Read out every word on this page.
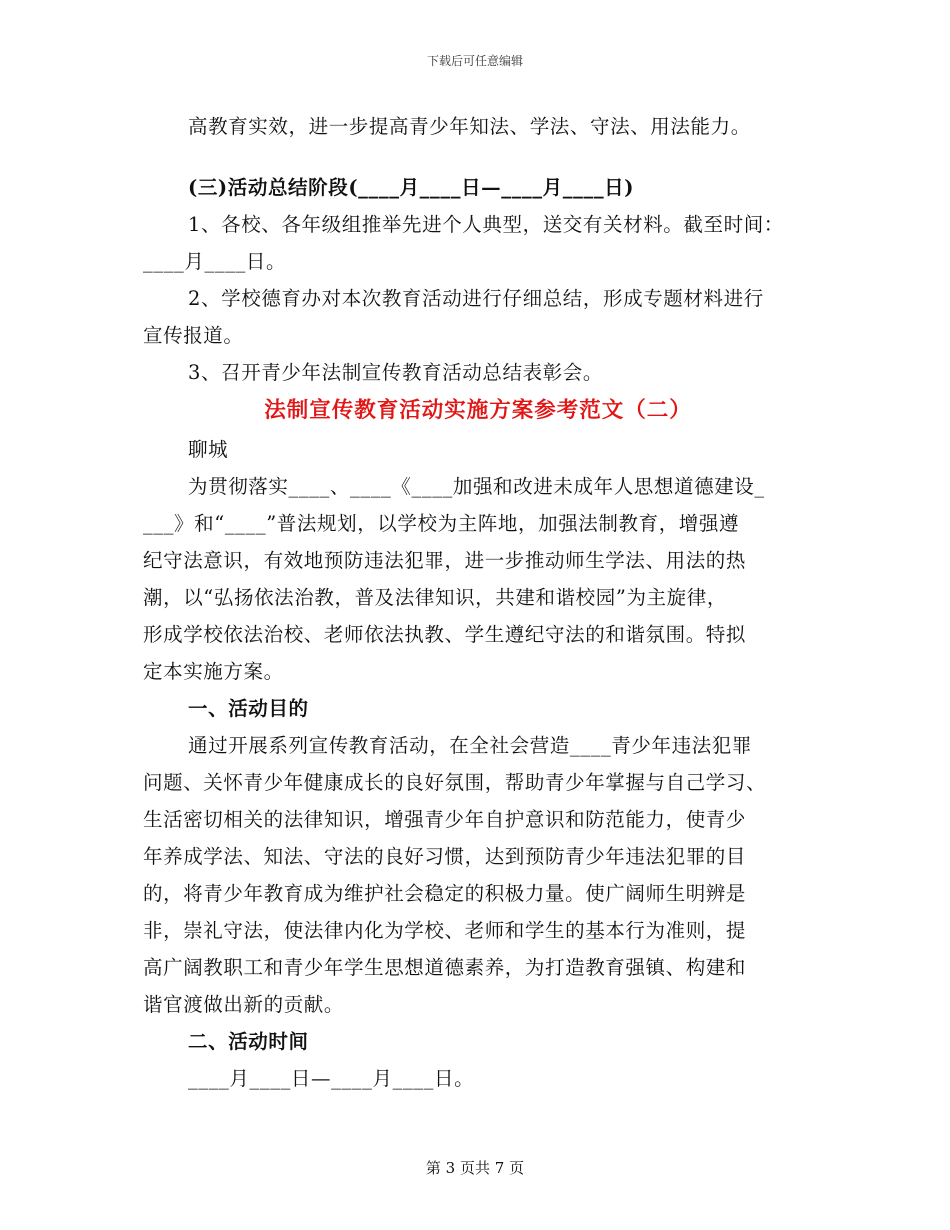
下载后可任意编辑
高教育实效，进一步提高青少年知法、学法、守法、用法能力。
(三)活动总结阶段(____月____日—____月____日)
1、各校、各年级组推举先进个人典型，送交有关材料。截至时间：
____月____日。
2、学校德育办对本次教育活动进行仔细总结，形成专题材料进行
宣传报道。
3、召开青少年法制宣传教育活动总结表彰会。
法制宣传教育活动实施方案参考范文（二）
聊城
为贯彻落实____、____《____加强和改进未成年人思想道德建设_
___》和“____”普法规划，以学校为主阵地，加强法制教育，增强遵
纪守法意识，有效地预防违法犯罪，进一步推动师生学法、用法的热
潮，以“弘扬依法治教，普及法律知识，共建和谐校园”为主旋律，
形成学校依法治校、老师依法执教、学生遵纪守法的和谐氛围。特拟
定本实施方案。
一、活动目的
通过开展系列宣传教育活动，在全社会营造____青少年违法犯罪
问题、关怀青少年健康成长的良好氛围，帮助青少年掌握与自己学习、
生活密切相关的法律知识，增强青少年自护意识和防范能力，使青少
年养成学法、知法、守法的良好习惯，达到预防青少年违法犯罪的目
的，将青少年教育成为维护社会稳定的积极力量。使广阔师生明辨是
非，崇礼守法，使法律内化为学校、老师和学生的基本行为准则，提
高广阔教职工和青少年学生思想道德素养，为打造教育强镇、构建和
谐官渡做出新的贡献。
二、活动时间
____月____日—____月____日。
第 3 页共 7 页
